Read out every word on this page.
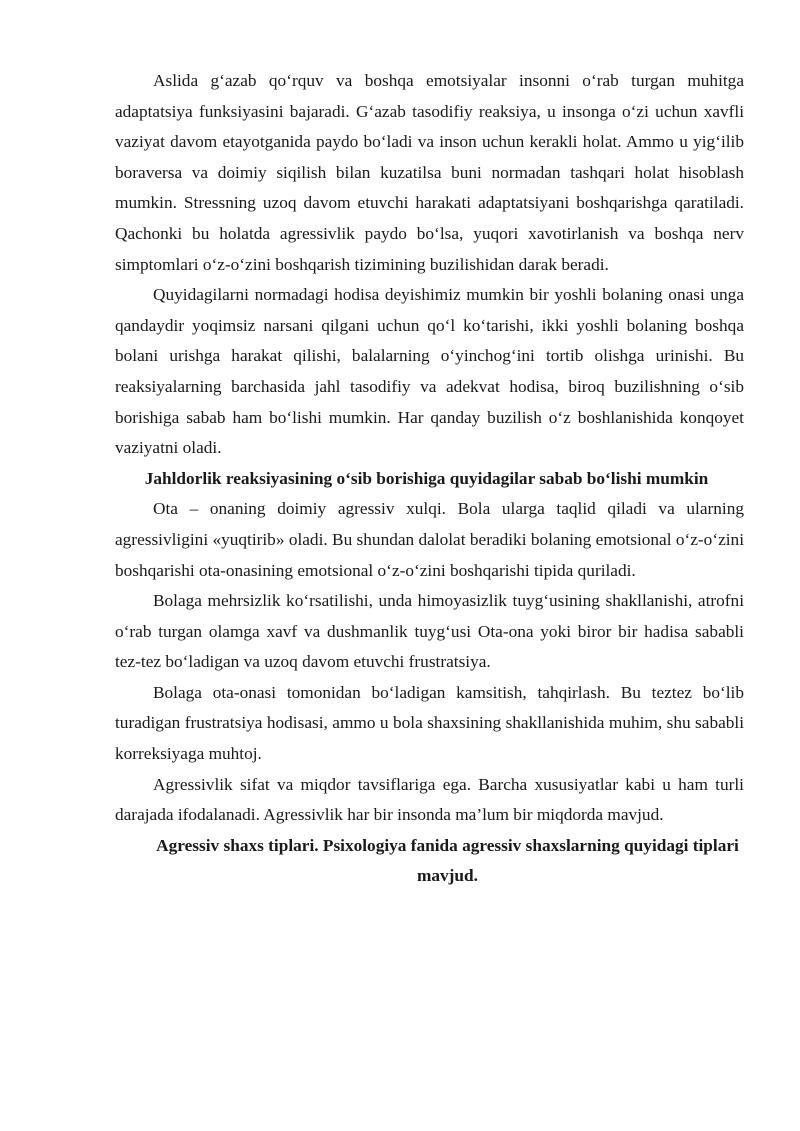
Aslida g‘azab qo‘rquv va boshqa emotsiyalar insonni o‘rab turgan muhitga adaptatsiya funksiyasini bajaradi. G‘azab tasodifiy reaksiya, u insonga o‘zi uchun xavfli vaziyat davom etayotganida paydo bo‘ladi va inson uchun kerakli holat. Ammo u yig‘ilib boraversa va doimiy siqilish bilan kuzatilsa buni normadan tashqari holat hisoblash mumkin. Stressning uzoq davom etuvchi harakati adaptatsiyani boshqarishga qaratiladi. Qachonki bu holatda agressivlik paydo bo‘lsa, yuqori xavotirlanish va boshqa nerv simptomlari o‘z-o‘zini boshqarish tizimining buzilishidan darak beradi.

Quyidagilarni normadagi hodisa deyishimiz mumkin bir yoshli bolaning onasi unga qandaydir yoqimsiz narsani qilgani uchun qo‘l ko‘tarishi, ikki yoshli bolaning boshqa bolani urishga harakat qilishi, balalarning o‘yinchog‘ini tortib olishga urinishi. Bu reaksiyalarning barchasida jahl tasodifiy va adekvat hodisa, biroq buzilishning o‘sib borishiga sabab ham bo‘lishi mumkin. Har qanday buzilish o‘z boshlanishida konqoyet vaziyatni oladi.

Jahldorlik reaksiyasining o‘sib borishiga quyidagilar sabab bo‘lishi mumkin

Ota – onaning doimiy agressiv xulqi. Bola ularga taqlid qiladi va ularning agressivligini «yuqtirib» oladi. Bu shundan dalolat beradiki bolaning emotsional o‘z-o‘zini boshqarishi ota-onasining emotsional o‘z-o‘zini boshqarishi tipida quriladi.

Bolaga mehrsizlik ko‘rsatilishi, unda himoyasizlik tuyg‘usining shakllanishi, atrofni o‘rab turgan olamga xavf va dushmanlik tuyg‘usi Ota-ona yoki biror bir hadisa sababli tez-tez bo‘ladigan va uzoq davom etuvchi frustratsiya.

Bolaga ota-onasi tomonidan bo‘ladigan kamsitish, tahqirlash. Bu teztez bo‘lib turadigan frustratsiya hodisasi, ammo u bola shaxsining shakllanishida muhim, shu sababli korreksiyaga muhtoj.

Agressivlik sifat va miqdor tavsiflariga ega. Barcha xususiyatlar kabi u ham turli darajada ifodalanadi. Agressivlik har bir insonda ma’lum bir miqdorda mavjud.

Agressiv shaxs tiplari. Psixologiya fanida agressiv shaxslarning quyidagi tiplari mavjud.
